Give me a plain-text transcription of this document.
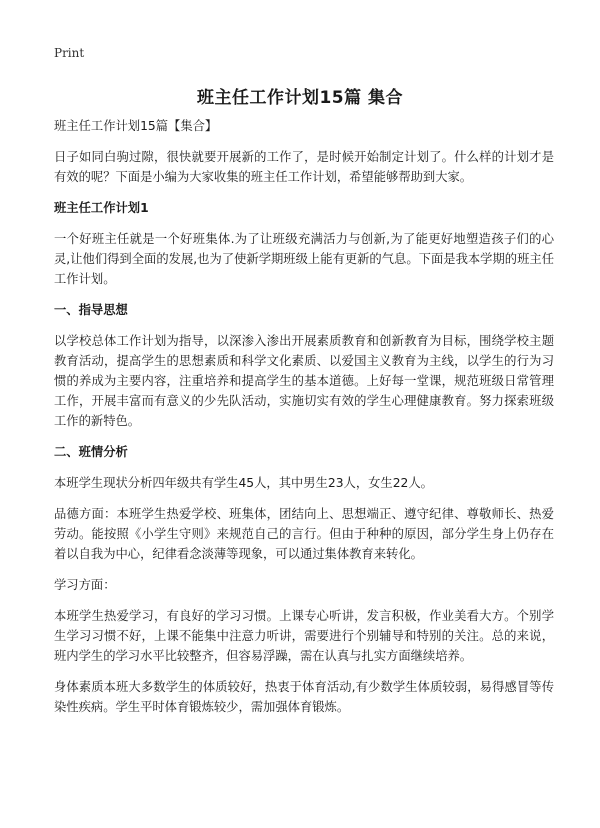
Print
班主任工作计划15篇 集合

班主任工作计划15篇【集合】

日子如同白驹过隙，很快就要开展新的工作了，是时候开始制定计划了。什么样的计划才是有效的呢？下面是小编为大家收集的班主任工作计划，希望能够帮助到大家。

班主任工作计划1

一个好班主任就是一个好班集体.为了让班级充满活力与创新,为了能更好地塑造孩子们的心灵,让他们得到全面的发展,也为了使新学期班级上能有更新的气息。下面是我本学期的班主任工作计划。

一、指导思想

以学校总体工作计划为指导，以深渗入渗出开展素质教育和创新教育为目标，围绕学校主题教育活动，提高学生的思想素质和科学文化素质、以爱国主义教育为主线，以学生的行为习惯的养成为主要内容，注重培养和提高学生的基本道德。上好每一堂课，规范班级日常管理工作，开展丰富而有意义的少先队活动，实施切实有效的学生心理健康教育。努力探索班级工作的新特色。

二、班情分析

本班学生现状分析四年级共有学生45人，其中男生23人，女生22人。

品德方面：本班学生热爱学校、班集体，团结向上、思想端正、遵守纪律、尊敬师长、热爱劳动。能按照《小学生守则》来规范自己的言行。但由于种种的原因，部分学生身上仍存在着以自我为中心，纪律看念淡薄等现象，可以通过集体教育来转化。

学习方面：

本班学生热爱学习，有良好的学习习惯。上课专心听讲，发言积极，作业美看大方。个别学生学习习惯不好，上课不能集中注意力听讲，需要进行个别辅导和特别的关注。总的来说，班内学生的学习水平比较整齐，但容易浮躁，需在认真与扎实方面继续培养。

身体素质本班大多数学生的体质较好，热衷于体育活动,有少数学生体质较弱，易得感冒等传染性疾病。学生平时体育锻炼较少，需加强体育锻炼。
